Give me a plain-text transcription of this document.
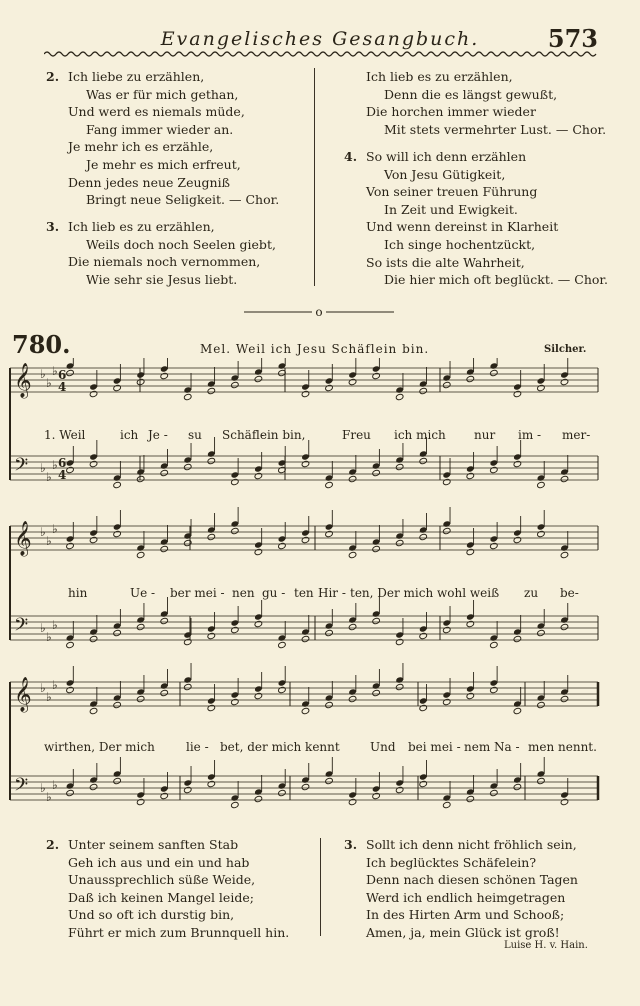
Evangelisches Gesangbuch.	573
2. Ich liebe zu erzählen,
Was er für mich gethan,
Und werd es niemals müde,
Fang immer wieder an.
Je mehr ich es erzähle,
Je mehr es mich erfreut,
Denn jedes neue Zeugniß
Bringt neue Seligkeit. — Chor.
3. Ich lieb es zu erzählen,
Weils doch noch Seelen giebt,
Die niemals noch vernommen,
Wie sehr sie Jesus liebt.
Ich lieb es zu erzählen,
Denn die es längst gewußt,
Die horchen immer wieder
Mit stets vermehrter Lust. — Chor.
4. So will ich denn erzählen
Von Jesu Gütigkeit,
Von seiner treuen Führung
In Zeit und Ewigkeit.
Und wenn dereinst in Klarheit
Ich singe hochentzückt,
So ists die alte Wahrheit,
Die hier mich oft beglückt. — Chor.
o
780.	Mel. Weil ich Jesu Schäflein bin.	Silcher.
𝄞 ♭
♭
♭
𝄢 ♭
♭
♭
𝄞 ♭
♭
♭
𝄢 ♭
♭
♭
𝄞 ♭
♭
♭
𝄢 ♭
♭
♭
6
4
6
4
1. Weil	ich Je - su Schäf -
lein bin,	Freu ich mich nur im - mer-
hin	Ue - ber mei - nen gu - ten Hir - ten, Der mich wohl weiß zu be-
wirthen, Der mich	lie - bet, der mich kennt	Und bei mei - nem Na - men nennt.
2. Unter seinem sanften Stab
Geh ich aus und ein und hab
Unaussprechlich süße Weide,
Daß ich keinen Mangel leide;
Und so oft ich durstig bin,
Führt er mich zum Brunnquell hin.
3. Sollt ich denn nicht fröhlich sein,
Ich beglücktes Schäfelein?
Denn nach diesen schönen Tagen
Werd ich endlich heimgetragen
In des Hirten Arm und Schooß;
Amen, ja, mein Glück ist groß!
Luise H. v. Hain.
